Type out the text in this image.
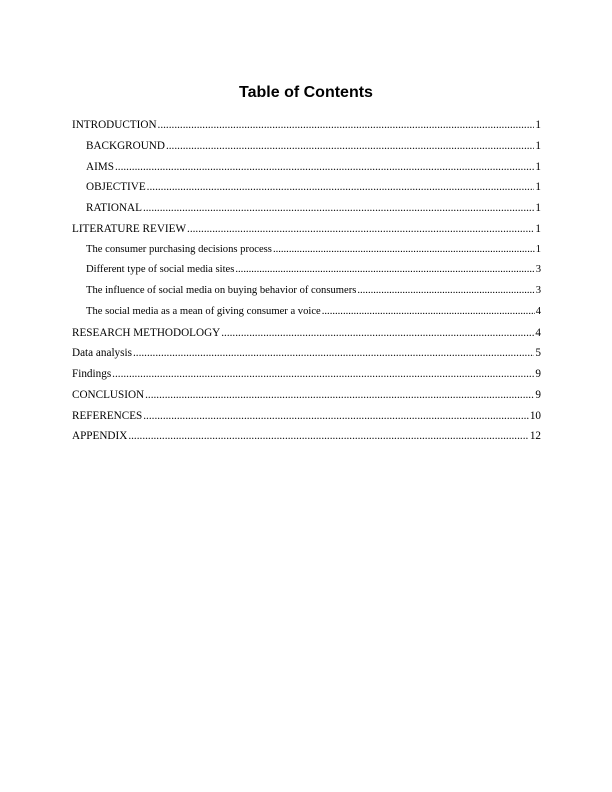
Table of Contents
INTRODUCTION .....	1
BACKGROUND .....	1
AIMS .....	1
OBJECTIVE .....	1
RATIONAL .....	1
LITERATURE REVIEW .....	1
The consumer purchasing decisions process .....	1
Different type of social media sites .....	3
The influence of social media on buying behavior of consumers .....	3
The social media as a mean of giving consumer a voice .....	4
RESEARCH METHODOLOGY .....	4
Data analysis .....	5
Findings .....	9
CONCLUSION .....	9
REFERENCES .....	10
APPENDIX .....	12
